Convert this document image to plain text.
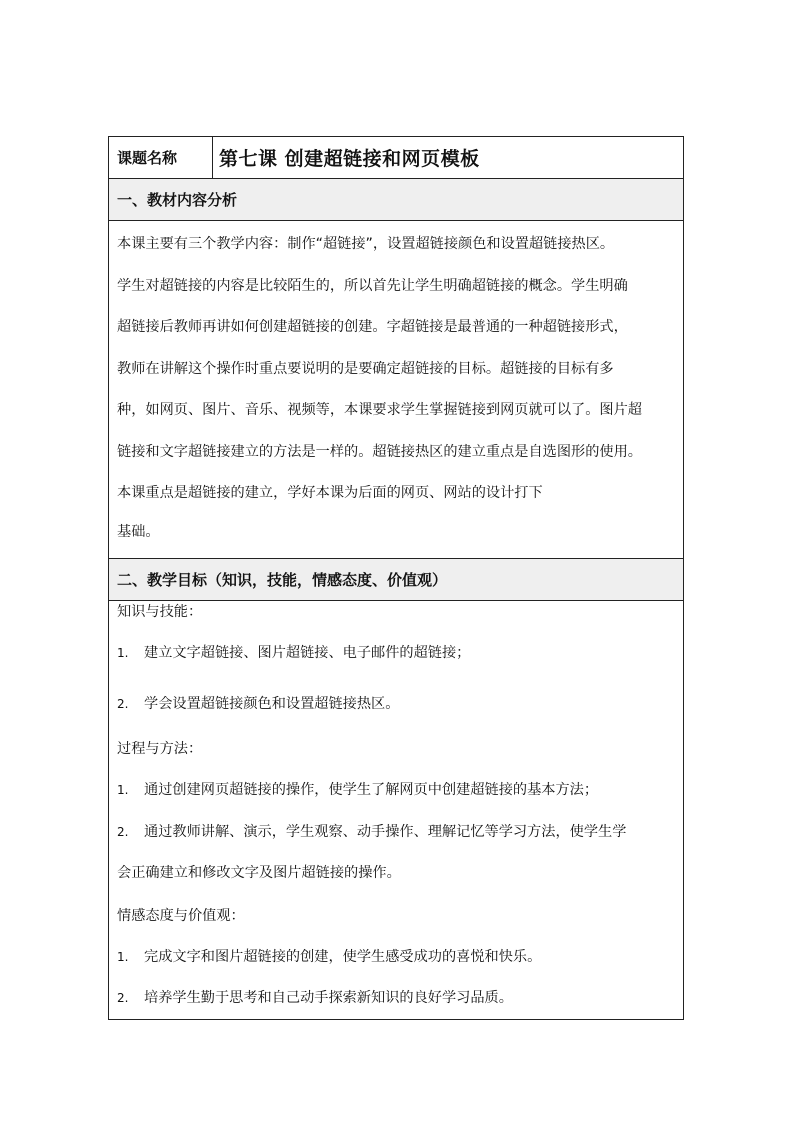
课题名称	第七课 创建超链接和网页模板
一、教材内容分析
本课主要有三个教学内容：制作“超链接”，设置超链接颜色和设置超链接热区。
学生对超链接的内容是比较陌生的，所以首先让学生明确超链接的概念。学生明确
超链接后教师再讲如何创建超链接的创建。字超链接是最普通的一种超链接形式，
教师在讲解这个操作时重点要说明的是要确定超链接的目标。超链接的目标有多
种，如网页、图片、音乐、视频等，本课要求学生掌握链接到网页就可以了。图片超
链接和文字超链接建立的方法是一样的。超链接热区的建立重点是自选图形的使用。
本课重点是超链接的建立，学好本课为后面的网页、网站的设计打下
基础。
二、教学目标（知识，技能，情感态度、价值观）
知识与技能：
1.	建立文字超链接、图片超链接、电子邮件的超链接；
2.	学会设置超链接颜色和设置超链接热区。
过程与方法：
1.	通过创建网页超链接的操作，使学生了解网页中创建超链接的基本方法；
2.	通过教师讲解、演示，学生观察、动手操作、理解记忆等学习方法，使学生学
会正确建立和修改文字及图片超链接的操作。
情感态度与价值观：
1.	完成文字和图片超链接的创建，使学生感受成功的喜悦和快乐。
2.	培养学生勤于思考和自己动手探索新知识的良好学习品质。
